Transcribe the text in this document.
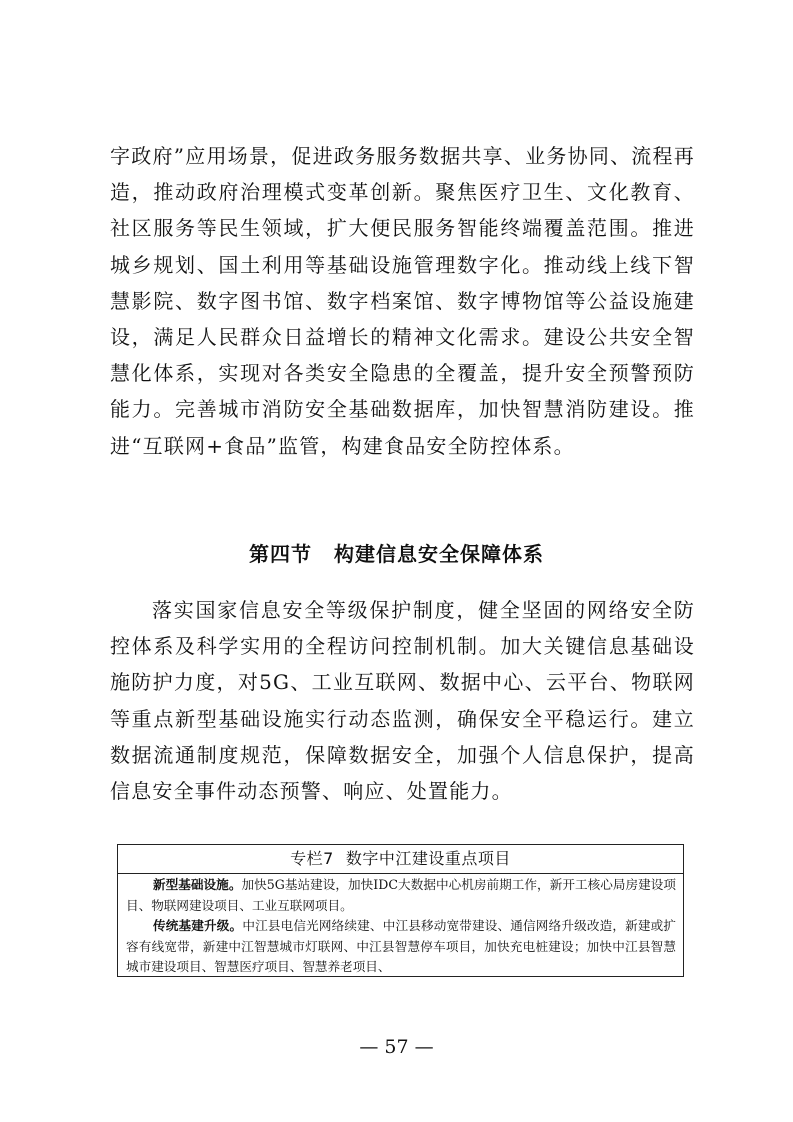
字政府”应用场景，促进政务服务数据共享、业务协同、流程再造，推动政府治理模式变革创新。聚焦医疗卫生、文化教育、社区服务等民生领域，扩大便民服务智能终端覆盖范围。推进城乡规划、国土利用等基础设施管理数字化。推动线上线下智慧影院、数字图书馆、数字档案馆、数字博物馆等公益设施建设，满足人民群众日益增长的精神文化需求。建设公共安全智慧化体系，实现对各类安全隐患的全覆盖，提升安全预警预防能力。完善城市消防安全基础数据库，加快智慧消防建设。推进“互联网+食品”监管，构建食品安全防控体系。

第四节 构建信息安全保障体系

落实国家信息安全等级保护制度，健全坚固的网络安全防控体系及科学实用的全程访问控制机制。加大关键信息基础设施防护力度，对5G、工业互联网、数据中心、云平台、物联网等重点新型基础设施实行动态监测，确保安全平稳运行。建立数据流通制度规范，保障数据安全，加强个人信息保护，提高信息安全事件动态预警、响应、处置能力。

专栏7 数字中江建设重点项目

新型基础设施。加快5G基站建设，加快IDC大数据中心机房前期工作，新开工核心局房建设项目、物联网建设项目、工业互联网项目。

传统基建升级。中江县电信光网络续建、中江县移动宽带建设、通信网络升级改造，新建或扩容有线宽带，新建中江智慧城市灯联网、中江县智慧停车项目，加快充电桩建设；加快中江县智慧城市建设项目、智慧医疗项目、智慧养老项目、

— 57 —
